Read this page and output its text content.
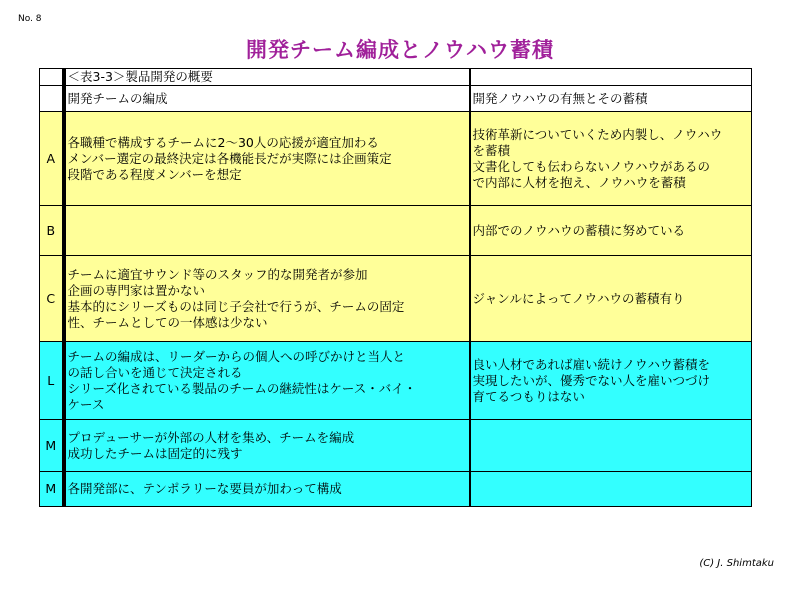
No. 8
開発チーム編成とノウハウ蓄積
	＜表3-3＞製品開発の概要	
	開発チームの編成	開発ノウハウの有無とその蓄積
A	各職種で構成するチームに2〜30人の応援が適宜加わる
メンバー選定の最終決定は各機能長だが実際には企画策定
段階である程度メンバーを想定	技術革新についていくため内製し、ノウハウ
を蓄積
文書化しても伝わらないノウハウがあるの
で内部に人材を抱え、ノウハウを蓄積

B		内部でのノウハウの蓄積に努めている

C	チームに適宜サウンド等のスタッフ的な開発者が参加
企画の専門家は置かない
基本的にシリーズものは同じ子会社で行うが、チームの固定
性、チームとしての一体感は少ない	ジャンルによってノウハウの蓄積有り

L	チームの編成は、リーダーからの個人への呼びかけと当人と
の話し合いを通じて決定される
シリーズ化されている製品のチームの継続性はケース・バイ・
ケース	良い人材であれば雇い続けノウハウ蓄積を
実現したいが、優秀でない人を雇いつづけ
育てるつもりはない

M	プロデューサーが外部の人材を集め、チームを編成
成功したチームは固定的に残す	

M	各開発部に、テンポラリーな要員が加わって構成	

(C) J. Shimtaku
